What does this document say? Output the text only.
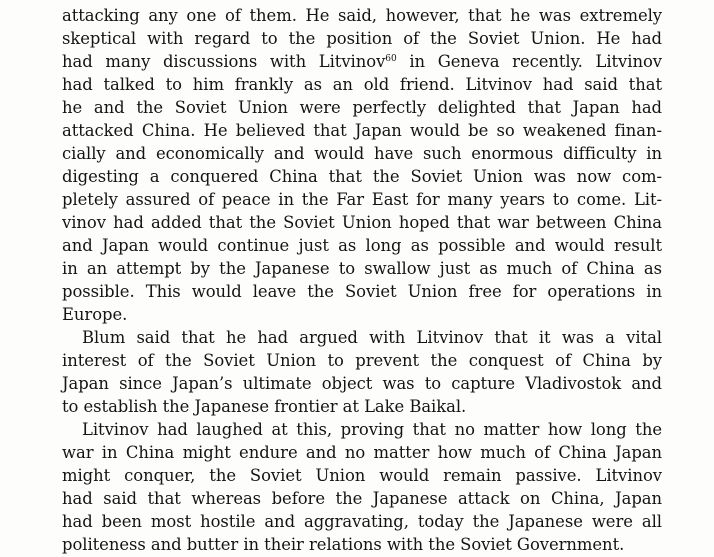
attacking any one of them. He said, however, that he was extremely
skeptical with regard to the position of the Soviet Union. He had
had many discussions with Litvinov$^{60}$ in Geneva recently. Litvinov
had talked to him frankly as an old friend. Litvinov had said that
he and the Soviet Union were perfectly delighted that Japan had
attacked China. He believed that Japan would be so weakened finan-
cially and economically and would have such enormous difficulty in
digesting a conquered China that the Soviet Union was now com-
pletely assured of peace in the Far East for many years to come. Lit-
vinov had added that the Soviet Union hoped that war between China
and Japan would continue just as long as possible and would result
in an attempt by the Japanese to swallow just as much of China as
possible. This would leave the Soviet Union free for operations in
Europe.
Blum said that he had argued with Litvinov that it was a vital
interest of the Soviet Union to prevent the conquest of China by
Japan since Japan’s ultimate object was to capture Vladivostok and
to establish the Japanese frontier at Lake Baikal.
Litvinov had laughed at this, proving that no matter how long the
war in China might endure and no matter how much of China Japan
might conquer, the Soviet Union would remain passive. Litvinov
had said that whereas before the Japanese attack on China, Japan
had been most hostile and aggravating, today the Japanese were all
politeness and butter in their relations with the Soviet Government.
